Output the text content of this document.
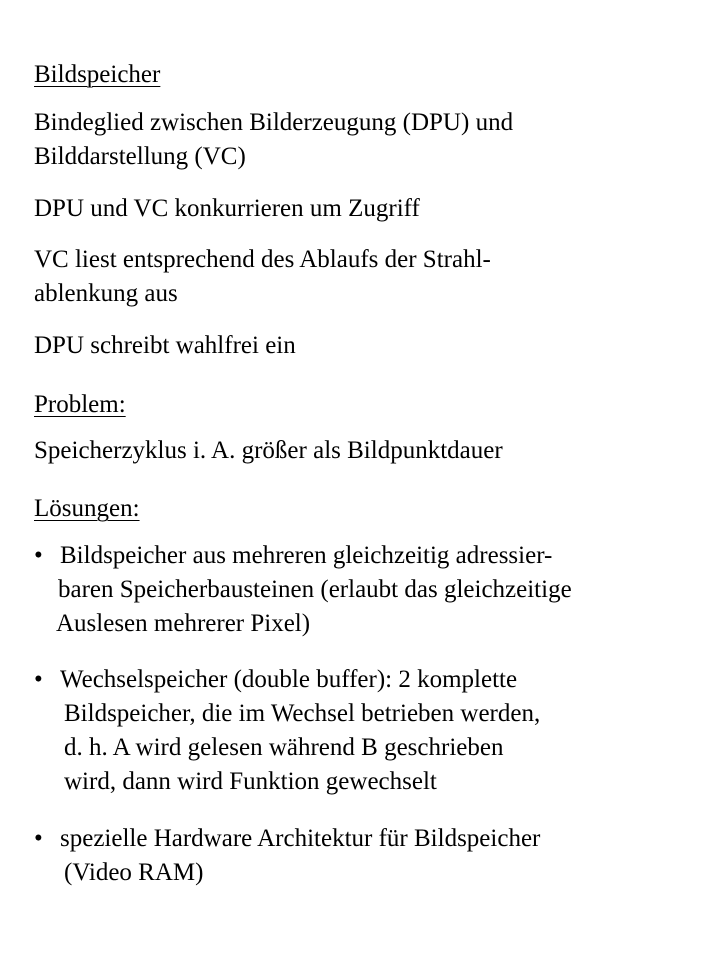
Bildspeicher

Bindeglied zwischen Bilderzeugung (DPU) und

Bilddarstellung (VC)

DPU und VC konkurrieren um Zugriff

VC liest entsprechend des Ablaufs der Strahl-

ablenkung aus

DPU schreibt wahlfrei ein

Problem:

Speicherzyklus i. A. größer als Bildpunktdauer

Lösungen:

• Bildspeicher aus mehreren gleichzeitig adressier-

baren Speicherbausteinen (erlaubt das gleichzeitige

Auslesen mehrerer Pixel)

• Wechselspeicher (double buffer): 2 komplette

Bildspeicher, die im Wechsel betrieben werden,

d. h. A wird gelesen während B geschrieben

wird, dann wird Funktion gewechselt

• spezielle Hardware Architektur für Bildspeicher

(Video RAM)
